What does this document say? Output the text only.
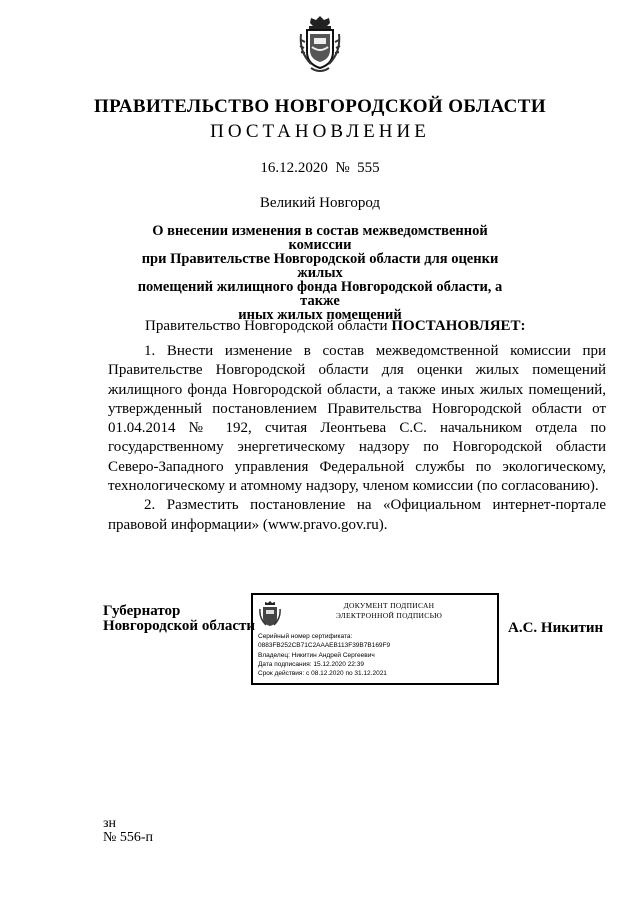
ПРАВИТЕЛЬСТВО НОВГОРОДСКОЙ ОБЛАСТИ
ПОСТАНОВЛЕНИЕ
16.12.2020 № 555
Великий Новгород
О внесении изменения в состав межведомственной комиссии
при Правительстве Новгородской области для оценки жилых
помещений жилищного фонда Новгородской области, а также
иных жилых помещений
Правительство Новгородской области ПОСТАНОВЛЯЕТ:

1. Внести изменение в состав межведомственной комиссии при Правительстве Новгородской области для оценки жилых помещений жилищного фонда Новгородской области, а также иных жилых помещений, утвержденный постановлением Правительства Новгородской области от 01.04.2014 № 192, считая Леонтьева С.С. начальником отдела по государственному энергетическому надзору по Новгородской области Северо-Западного управления Федеральной службы по экологическому, технологическому и атомному надзору, членом комиссии (по согласованию).

2. Разместить постановление на «Официальном интернет-портале правовой информации» (www.pravo.gov.ru).

Губернатор
Новгородской области
ДОКУМЕНТ ПОДПИСАН
ЭЛЕКТРОННОЙ ПОДПИСЬЮ
Серийный номер сертификата:
0883FB252CB71C2AAAEB113F39B7B169F9
Владелец: Никитин Андрей Сергеевич
Дата подписания: 15.12.2020 22:39
Срок действия: с 08.12.2020 по 31.12.2021
А.С. Никитин
зн
№ 556-п
